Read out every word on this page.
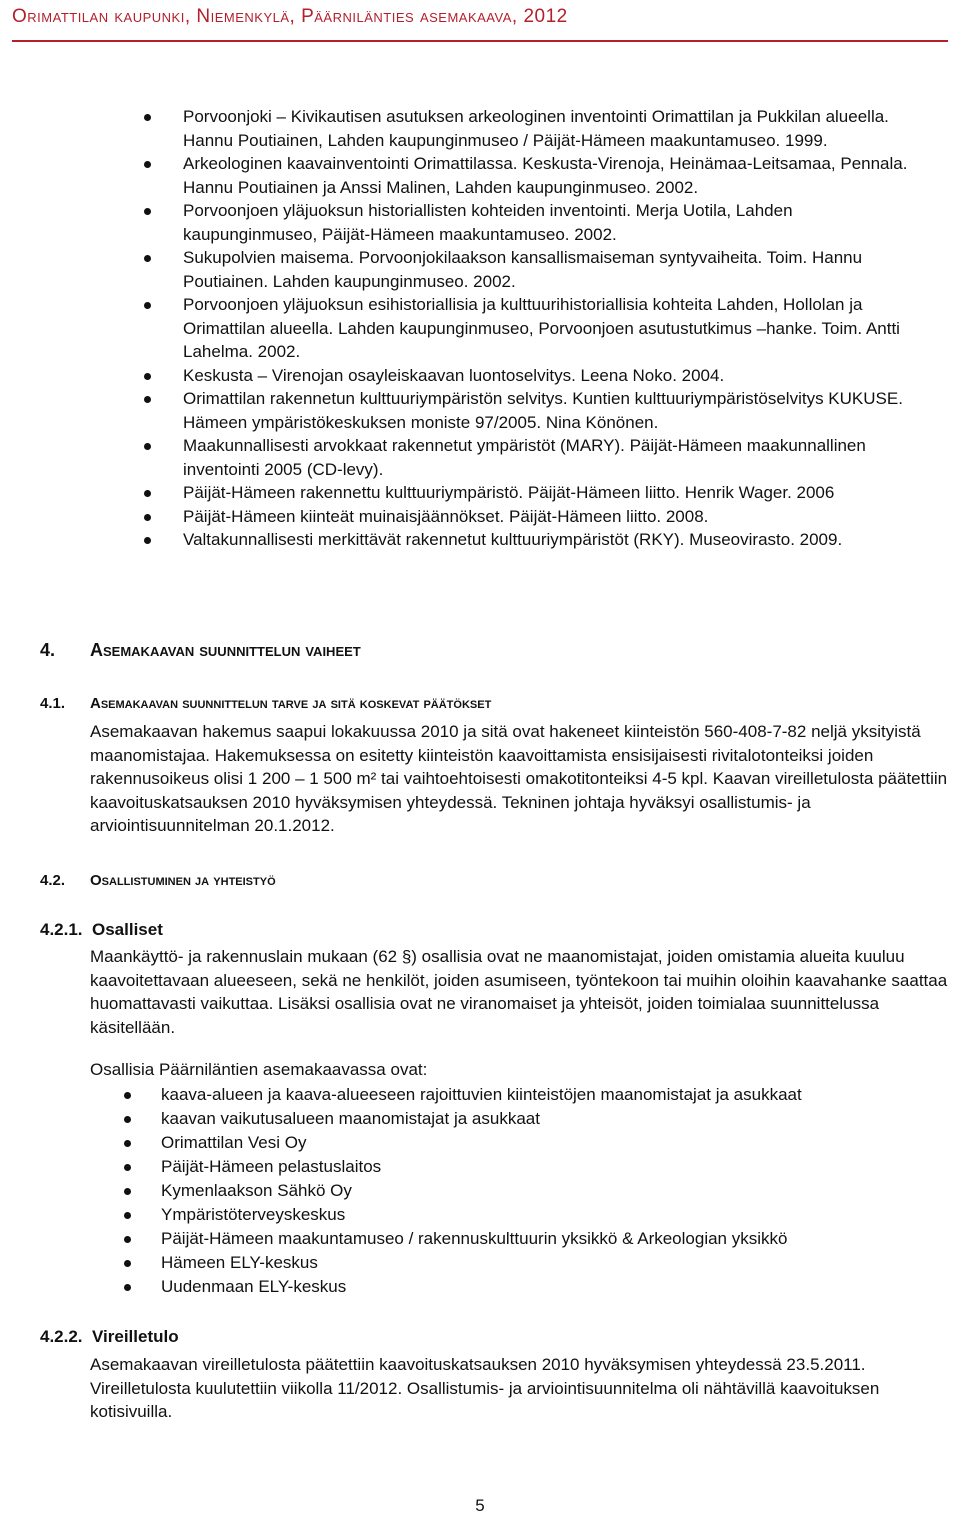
Orimattilan kaupunki, Niemenkylä, Päärnilänties asemakaava, 2012
Porvoonjoki – Kivikautisen asutuksen arkeologinen inventointi Orimattilan ja Pukkilan alueella. Hannu Poutiainen, Lahden kaupunginmuseo / Päijät-Hämeen maakuntamuseo. 1999.
Arkeologinen kaavainventointi Orimattilassa. Keskusta-Virenoja, Heinämaa-Leitsamaa, Pennala. Hannu Poutiainen ja Anssi Malinen, Lahden kaupunginmuseo. 2002.
Porvoonjoen yläjuoksun historiallisten kohteiden inventointi. Merja Uotila, Lahden kaupunginmuseo, Päijät-Hämeen maakuntamuseo. 2002.
Sukupolvien maisema. Porvoonjokilaakson kansallismaiseman syntyvaiheita. Toim. Hannu Poutiainen. Lahden kaupunginmuseo. 2002.
Porvoonjoen yläjuoksun esihistoriallisia ja kulttuurihistoriallisia kohteita Lahden, Hollolan ja Orimattilan alueella. Lahden kaupunginmuseo, Porvoonjoen asutustutkimus –hanke. Toim. Antti Lahelma. 2002.
Keskusta – Virenojan osayleiskaavan luontoselvitys. Leena Noko. 2004.
Orimattilan rakennetun kulttuuriympäristön selvitys. Kuntien kulttuuriympäristöselvitys KUKUSE. Hämeen ympäristökeskuksen moniste 97/2005. Nina Könönen.
Maakunnallisesti arvokkaat rakennetut ympäristöt (MARY). Päijät-Hämeen maakunnallinen inventointi 2005 (CD-levy).
Päijät-Hämeen rakennettu kulttuuriympäristö. Päijät-Hämeen liitto. Henrik Wager. 2006
Päijät-Hämeen kiinteät muinaisjäännökset. Päijät-Hämeen liitto. 2008.
Valtakunnallisesti merkittävät rakennetut kulttuuriympäristöt (RKY). Museovirasto. 2009.
4. Asemakaavan suunnittelun vaiheet
4.1. Asemakaavan suunnittelun tarve ja sitä koskevat päätökset
Asemakaavan hakemus saapui lokakuussa 2010 ja sitä ovat hakeneet kiinteistön 560-408-7-82 neljä yksityistä maanomistajaa. Hakemuksessa on esitetty kiinteistön kaavoittamista ensisijaisesti rivitalotonteiksi joiden rakennusoikeus olisi 1 200 – 1 500 m² tai vaihtoehtoisesti omakotitonteiksi 4-5 kpl. Kaavan vireilletulosta päätettiin kaavoituskatsauksen 2010 hyväksymisen yhteydessä. Tekninen johtaja hyväksyi osallistumis- ja arviointisuunnitelman 20.1.2012.
4.2. Osallistuminen ja yhteistyö
4.2.1. Osalliset
Maankäyttö- ja rakennuslain mukaan (62 §) osallisia ovat ne maanomistajat, joiden omistamia alueita kuuluu kaavoitettavaan alueeseen, sekä ne henkilöt, joiden asumiseen, työntekoon tai muihin oloihin kaavahanke saattaa huomattavasti vaikuttaa. Lisäksi osallisia ovat ne viranomaiset ja yhteisöt, joiden toimialaa suunnittelussa käsitellään.
Osallisia Päärniläntien asemakaavassa ovat:
kaava-alueen ja kaava-alueeseen rajoittuvien kiinteistöjen maanomistajat ja asukkaat
kaavan vaikutusalueen maanomistajat ja asukkaat
Orimattilan Vesi Oy
Päijät-Hämeen pelastuslaitos
Kymenlaakson Sähkö Oy
Ympäristöterveyskeskus
Päijät-Hämeen maakuntamuseo / rakennuskulttuurin yksikkö & Arkeologian yksikkö
Hämeen ELY-keskus
Uudenmaan ELY-keskus
4.2.2. Vireilletulo
Asemakaavan vireilletulosta päätettiin kaavoituskatsauksen 2010 hyväksymisen yhteydessä 23.5.2011. Vireilletulosta kuulutettiin viikolla 11/2012. Osallistumis- ja arviointisuunnitelma oli nähtävillä kaavoituksen kotisivuilla.
5
